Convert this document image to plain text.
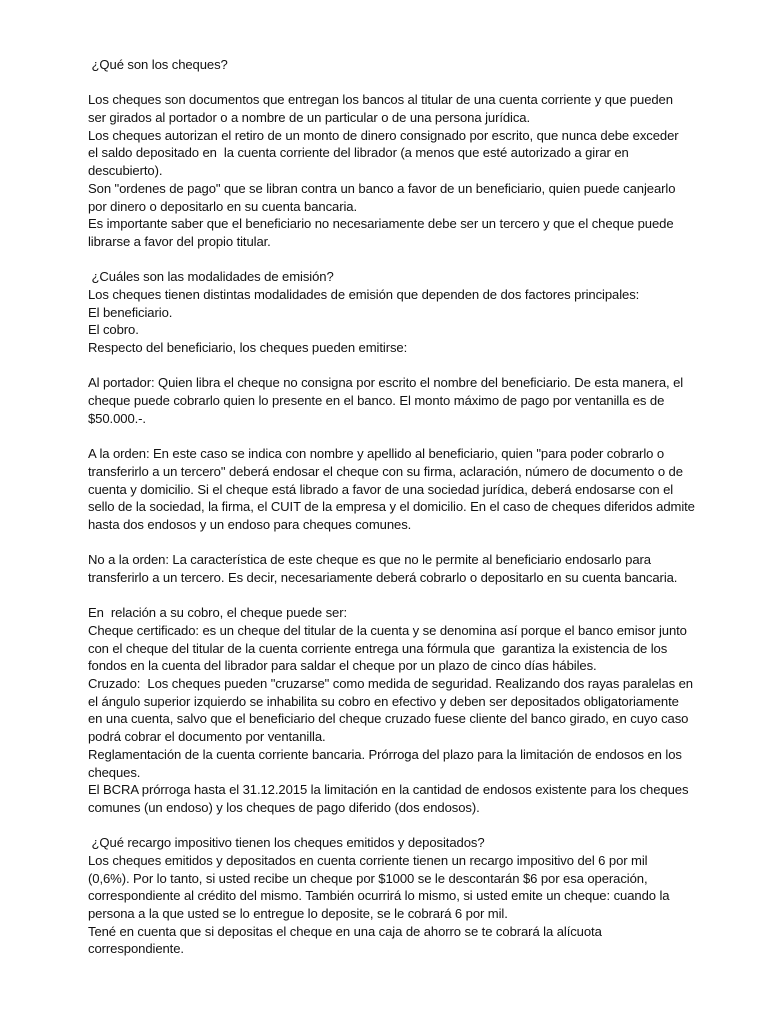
¿Qué son los cheques?
Los cheques son documentos que entregan los bancos al titular de una cuenta corriente y que pueden
ser girados al portador o a nombre de un particular o de una persona jurídica.
Los cheques autorizan el retiro de un monto de dinero consignado por escrito, que nunca debe exceder
el saldo depositado en  la cuenta corriente del librador (a menos que esté autorizado a girar en
descubierto).
Son "ordenes de pago" que se libran contra un banco a favor de un beneficiario, quien puede canjearlo
por dinero o depositarlo en su cuenta bancaria.
Es importante saber que el beneficiario no necesariamente debe ser un tercero y que el cheque puede
librarse a favor del propio titular.
¿Cuáles son las modalidades de emisión?
Los cheques tienen distintas modalidades de emisión que dependen de dos factores principales:
El beneficiario.
El cobro.
Respecto del beneficiario, los cheques pueden emitirse:
Al portador: Quien libra el cheque no consigna por escrito el nombre del beneficiario. De esta manera, el
cheque puede cobrarlo quien lo presente en el banco. El monto máximo de pago por ventanilla es de
$50.000.-.
A la orden: En este caso se indica con nombre y apellido al beneficiario, quien "para poder cobrarlo o
transferirlo a un tercero" deberá endosar el cheque con su firma, aclaración, número de documento o de
cuenta y domicilio. Si el cheque está librado a favor de una sociedad jurídica, deberá endosarse con el
sello de la sociedad, la firma, el CUIT de la empresa y el domicilio. En el caso de cheques diferidos admite
hasta dos endosos y un endoso para cheques comunes.
No a la orden: La característica de este cheque es que no le permite al beneficiario endosarlo para
transferirlo a un tercero. Es decir, necesariamente deberá cobrarlo o depositarlo en su cuenta bancaria.
En  relación a su cobro, el cheque puede ser:
Cheque certificado: es un cheque del titular de la cuenta y se denomina así porque el banco emisor junto
con el cheque del titular de la cuenta corriente entrega una fórmula que  garantiza la existencia de los
fondos en la cuenta del librador para saldar el cheque por un plazo de cinco días hábiles.
Cruzado:  Los cheques pueden "cruzarse" como medida de seguridad. Realizando dos rayas paralelas en
el ángulo superior izquierdo se inhabilita su cobro en efectivo y deben ser depositados obligatoriamente
en una cuenta, salvo que el beneficiario del cheque cruzado fuese cliente del banco girado, en cuyo caso
podrá cobrar el documento por ventanilla.
Reglamentación de la cuenta corriente bancaria. Prórroga del plazo para la limitación de endosos en los
cheques.
El BCRA prórroga hasta el 31.12.2015 la limitación en la cantidad de endosos existente para los cheques
comunes (un endoso) y los cheques de pago diferido (dos endosos).
¿Qué recargo impositivo tienen los cheques emitidos y depositados?
Los cheques emitidos y depositados en cuenta corriente tienen un recargo impositivo del 6 por mil
(0,6%). Por lo tanto, si usted recibe un cheque por $1000 se le descontarán $6 por esa operación,
correspondiente al crédito del mismo. También ocurrirá lo mismo, si usted emite un cheque: cuando la
persona a la que usted se lo entregue lo deposite, se le cobrará 6 por mil.
Tené en cuenta que si depositas el cheque en una caja de ahorro se te cobrará la alícuota
correspondiente.
